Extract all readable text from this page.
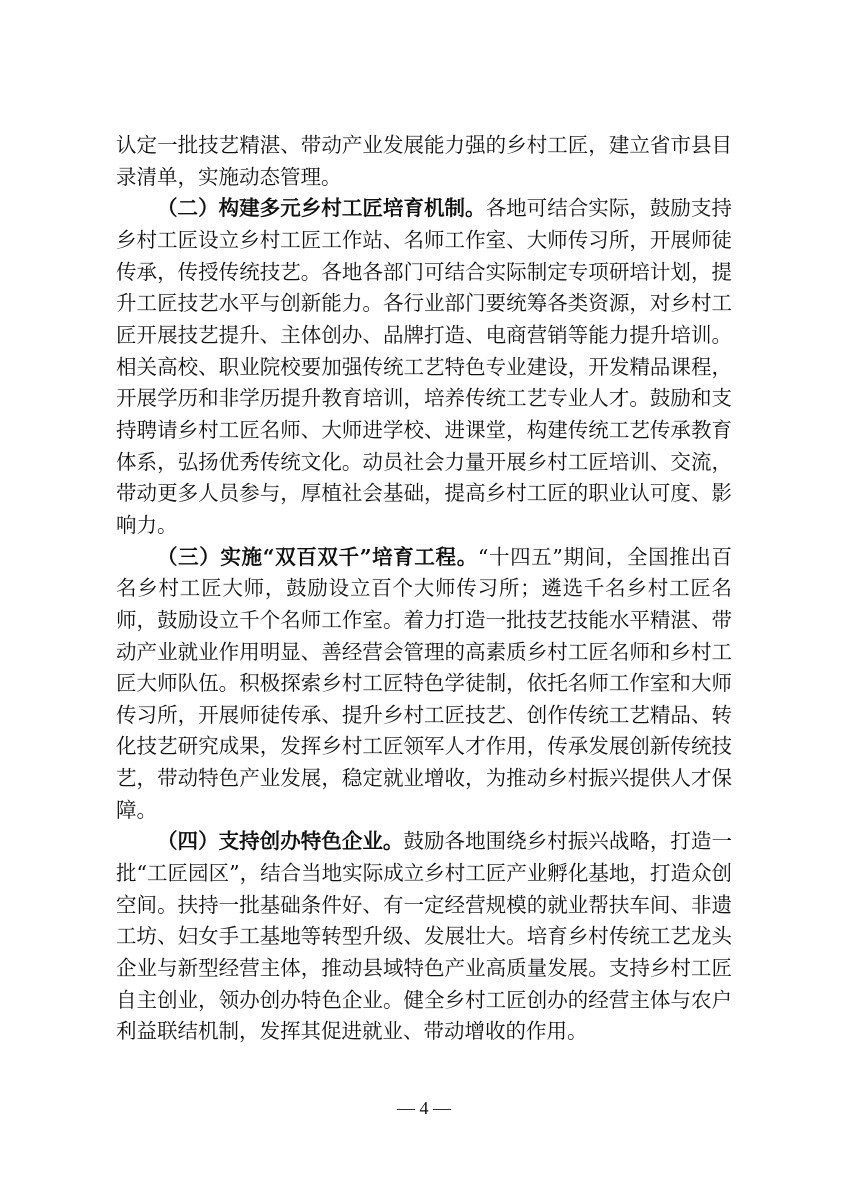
认定一批技艺精湛、带动产业发展能力强的乡村工匠，建立省市县目录清单，实施动态管理。

（二）构建多元乡村工匠培育机制。各地可结合实际，鼓励支持乡村工匠设立乡村工匠工作站、名师工作室、大师传习所，开展师徒传承，传授传统技艺。各地各部门可结合实际制定专项研培计划，提升工匠技艺水平与创新能力。各行业部门要统筹各类资源，对乡村工匠开展技艺提升、主体创办、品牌打造、电商营销等能力提升培训。相关高校、职业院校要加强传统工艺特色专业建设，开发精品课程，开展学历和非学历提升教育培训，培养传统工艺专业人才。鼓励和支持聘请乡村工匠名师、大师进学校、进课堂，构建传统工艺传承教育体系，弘扬优秀传统文化。动员社会力量开展乡村工匠培训、交流，带动更多人员参与，厚植社会基础，提高乡村工匠的职业认可度、影响力。

（三）实施“双百双千”培育工程。“十四五”期间，全国推出百名乡村工匠大师，鼓励设立百个大师传习所；遴选千名乡村工匠名师，鼓励设立千个名师工作室。着力打造一批技艺技能水平精湛、带动产业就业作用明显、善经营会管理的高素质乡村工匠名师和乡村工匠大师队伍。积极探索乡村工匠特色学徒制，依托名师工作室和大师传习所，开展师徒传承、提升乡村工匠技艺、创作传统工艺精品、转化技艺研究成果，发挥乡村工匠领军人才作用，传承发展创新传统技艺，带动特色产业发展，稳定就业增收，为推动乡村振兴提供人才保障。

（四）支持创办特色企业。鼓励各地围绕乡村振兴战略，打造一批“工匠园区”，结合当地实际成立乡村工匠产业孵化基地，打造众创空间。扶持一批基础条件好、有一定经营规模的就业帮扶车间、非遗工坊、妇女手工基地等转型升级、发展壮大。培育乡村传统工艺龙头企业与新型经营主体，推动县域特色产业高质量发展。支持乡村工匠自主创业，领办创办特色企业。健全乡村工匠创办的经营主体与农户利益联结机制，发挥其促进就业、带动增收的作用。

— 4 —
